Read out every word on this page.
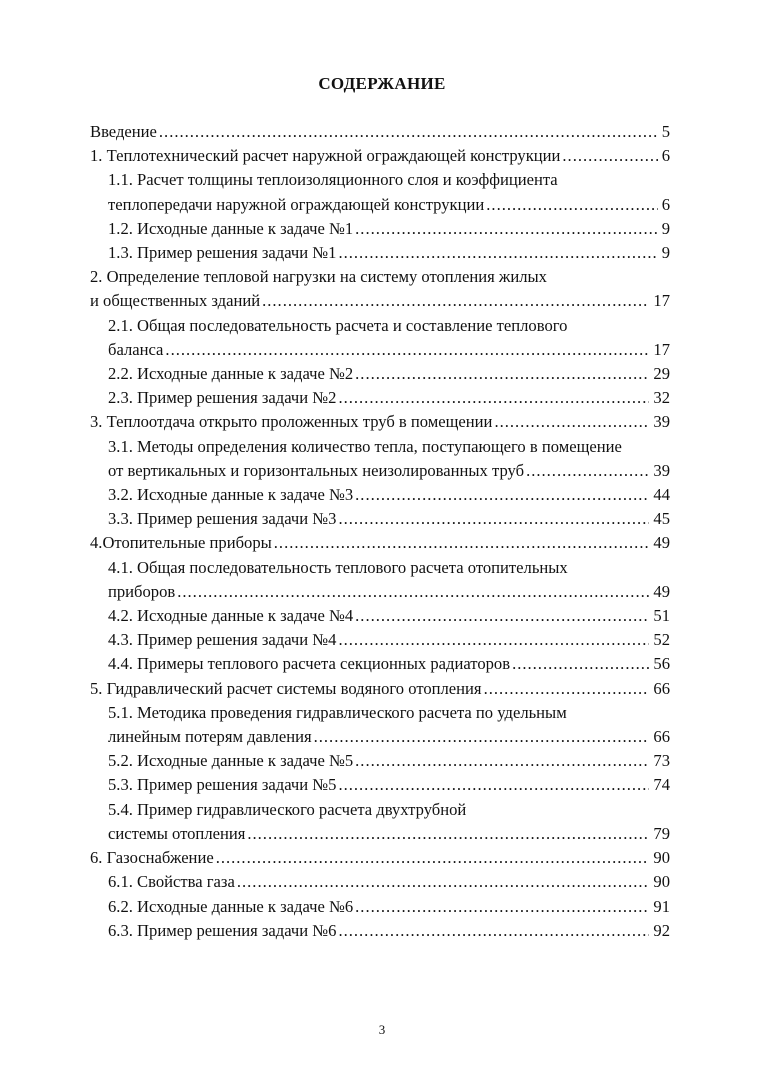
СОДЕРЖАНИЕ
Введение .....	5
1. Теплотехнический расчет наружной ограждающей конструкции .....	6
1.1. Расчет толщины теплоизоляционного слоя и коэффициента
теплопередачи наружной ограждающей конструкции .....	6
1.2. Исходные данные к задаче №1 .....	9
1.3. Пример решения задачи №1 .....	9
2. Определение тепловой нагрузки на систему отопления жилых
и общественных зданий .....	17
2.1. Общая последовательность расчета и составление теплового
баланса .....	17
2.2. Исходные данные к задаче №2 .....	29
2.3. Пример решения задачи №2 .....	32
3. Теплоотдача открыто проложенных труб в помещении .....	39
3.1. Методы определения количество тепла, поступающего в помещение
от вертикальных и горизонтальных неизолированных труб .....	39
3.2. Исходные данные к задаче №3 .....	44
3.3. Пример решения задачи №3 .....	45
4.Отопительные приборы .....	49
4.1. Общая последовательность теплового расчета отопительных
приборов .....	49
4.2. Исходные данные к задаче №4 .....	51
4.3. Пример решения задачи №4 .....	52
4.4. Примеры теплового расчета секционных радиаторов .....	56
5. Гидравлический расчет системы водяного отопления .....	66
5.1. Методика проведения гидравлического расчета по удельным
линейным потерям давления .....	66
5.2. Исходные данные к задаче №5 .....	73
5.3. Пример решения задачи №5 .....	74
5.4. Пример гидравлического расчета двухтрубной
системы отопления .....	79
6. Газоснабжение .....	90
6.1. Свойства газа .....	90
6.2. Исходные данные к задаче №6 .....	91
6.3. Пример решения задачи №6 .....	92
3
